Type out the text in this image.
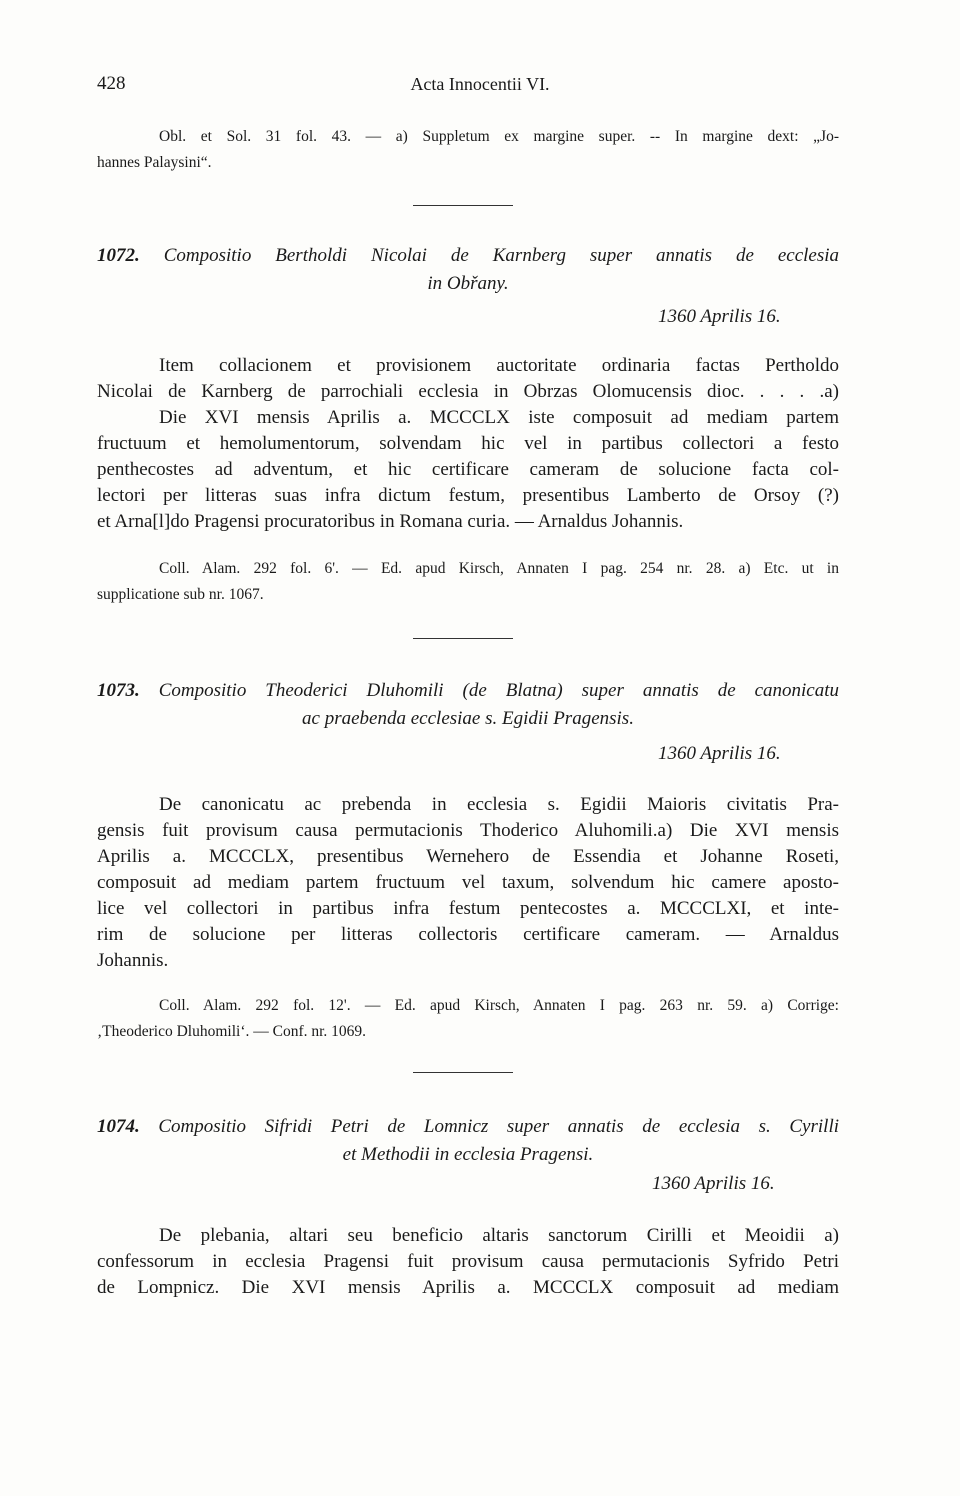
428	Acta Innocentii VI.
Obl. et Sol. 31 fol. 43. — a) Suppletum ex margine super. -- In margine dext: „Jo-
hannes Palaysini“.
1072. Compositio Bertholdi Nicolai de Karnberg super annatis de ecclesia
in Obřany.
1360 Aprilis 16.
Item collacionem et provisionem auctoritate ordinaria factas Pertholdo
Nicolai de Karnberg de parrochiali ecclesia in Obrzas Olomucensis dioc. . . . .a)
Die XVI mensis Aprilis a. MCCCLX iste composuit ad mediam partem
fructuum et hemolumentorum, solvendam hic vel in partibus collectori a festo
penthecostes ad adventum, et hic certificare cameram de solucione facta col-
lectori per litteras suas infra dictum festum, presentibus Lamberto de Orsoy (?)
et Arna[l]do Pragensi procuratoribus in Romana curia. — Arnaldus Johannis.
Coll. Alam. 292 fol. 6'. — Ed. apud Kirsch, Annaten I pag. 254 nr. 28. a) Etc. ut in
supplicatione sub nr. 1067.
1073. Compositio Theoderici Dluhomili (de Blatna) super annatis de canonicatu
ac praebenda ecclesiae s. Egidii Pragensis.
1360 Aprilis 16.
De canonicatu ac prebenda in ecclesia s. Egidii Maioris civitatis Pra-
gensis fuit provisum causa permutacionis Thoderico Aluhomili.a) Die XVI mensis
Aprilis a. MCCCLX, presentibus Wernehero de Essendia et Johanne Roseti,
composuit ad mediam partem fructuum vel taxum, solvendum hic camere aposto-
lice vel collectori in partibus infra festum pentecostes a. MCCCLXI, et inte-
rim de solucione per litteras collectoris certificare cameram. — Arnaldus
Johannis.
Coll. Alam. 292 fol. 12'. — Ed. apud Kirsch, Annaten I pag. 263 nr. 59. a) Corrige:
‚Theoderico Dluhomili‘. — Conf. nr. 1069.
1074. Compositio Sifridi Petri de Lomnicz super annatis de ecclesia s. Cyrilli
et Methodii in ecclesia Pragensi.
1360 Aprilis 16.
De plebania, altari seu beneficio altaris sanctorum Cirilli et Meoidii a)
confessorum in ecclesia Pragensi fuit provisum causa permutacionis Syfrido Petri
de Lompnicz. Die XVI mensis Aprilis a. MCCCLX composuit ad mediam
